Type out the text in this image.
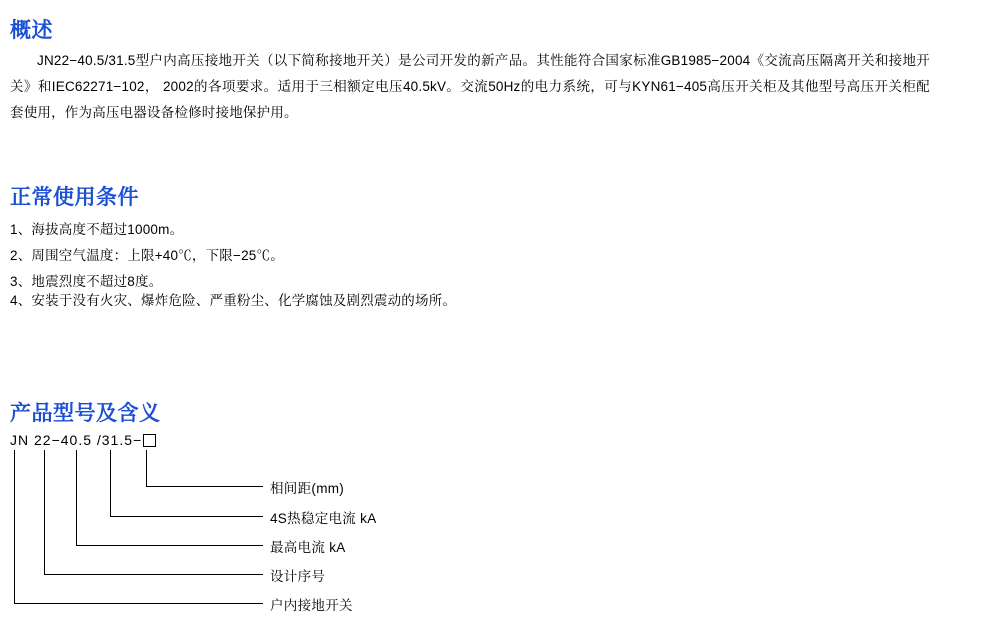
概述
JN22−40.5/31.5型户内高压接地开关（以下简称接地开关）是公司开发的新产品。其性能符合国家标准GB1985−2004《交流高压隔离开关和接地开关》和IEC62271−102， 2002的各项要求。适用于三相额定电压40.5kV。交流50Hz的电力系统，可与KYN61−405高压开关柜及其他型号高压开关柜配套使用，作为高压电器设备检修时接地保护用。
正常使用条件
1、海拔高度不超过1000m。
2、周围空气温度：上限+40℃，下限−25℃。
3、地震烈度不超过8度。
4、安装于没有火灾、爆炸危险、严重粉尘、化学腐蚀及剧烈震动的场所。
产品型号及含义
JN 22−40.5 /31.5−
相间距(mm)
4S热稳定电流 kA
最高电流 kA
设计序号
户内接地开关
